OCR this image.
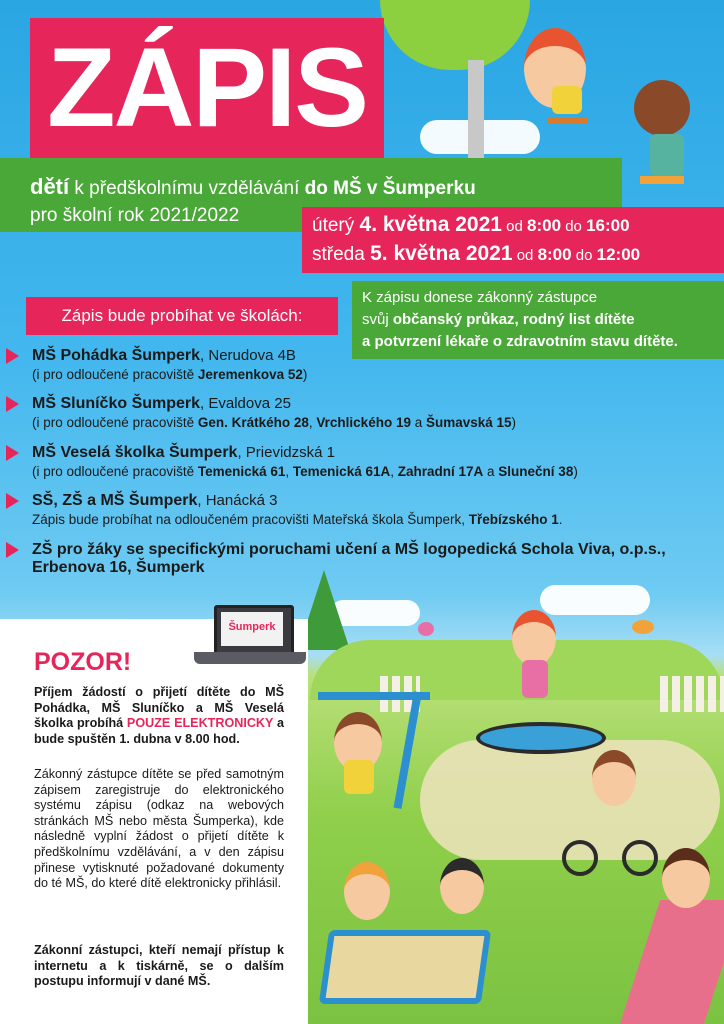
ZÁPIS
dětí k předškolnímu vzdělávání do MŠ v Šumperku
pro školní rok 2021/2022	úterý 4. května 2021 od 8:00 do 16:00
středa 5. května 2021 od 8:00 do 12:00
Zápis bude probíhat ve školách:
K zápisu donese zákonný zástupce
svůj občanský průkaz, rodný list dítěte
a potvrzení lékaře o zdravotním stavu dítěte.
MŠ Pohádka Šumperk, Nerudova 4B
(i pro odloučené pracoviště Jeremenkova 52)
MŠ Sluníčko Šumperk, Evaldova 25
(i pro odloučené pracoviště Gen. Krátkého 28, Vrchlického 19 a Šumavská 15)
MŠ Veselá školka Šumperk, Prievidzská 1
(i pro odloučené pracoviště Temenická 61, Temenická 61A, Zahradní 17A a Sluneční 38)
SŠ, ZŠ a MŠ Šumperk, Hanácká 3
Zápis bude probíhat na odloučeném pracovišti Mateřská škola Šumperk, Třebízského 1.
ZŠ pro žáky se specifickými poruchami učení a MŠ logopedická Schola Viva, o.p.s.,
Erbenova 16, Šumperk
Šumperk
POZOR!
Příjem žádostí o přijetí dítěte do MŠ Pohádka, MŠ Sluníčko a MŠ Veselá školka probíhá POUZE ELEKTRONICKY a bude spuštěn 1. dubna v 8.00 hod.
Zákonný zástupce dítěte se před samotným zápisem zaregistruje do elektronického systému zápisu (odkaz na webových stránkách MŠ nebo města Šumperka), kde následně vyplní žádost o přijetí dítěte k předškolnímu vzdělávání, a v den zápisu přinese vytisknuté požadované dokumenty do té MŠ, do které dítě elektronicky přihlásil.
Zákonní zástupci, kteří nemají přístup k internetu a k tiskárně, se o dalším postupu informují v dané MŠ.
